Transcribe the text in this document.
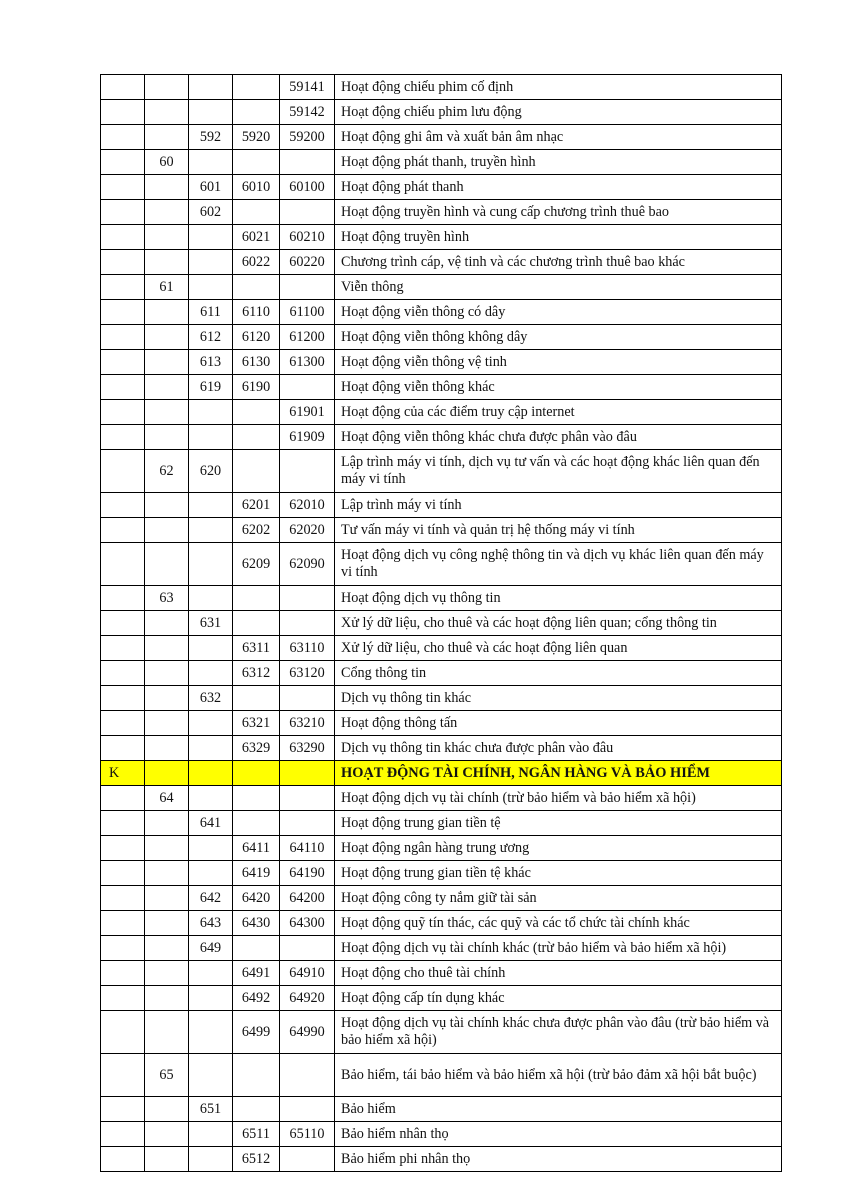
				59141	Hoạt động chiếu phim cố định
				59142	Hoạt động chiếu phim lưu động
		592	5920	59200	Hoạt động ghi âm và xuất bản âm nhạc
	60				Hoạt động phát thanh, truyền hình
		601	6010	60100	Hoạt động phát thanh
		602			Hoạt động truyền hình và cung cấp chương trình thuê bao
			6021	60210	Hoạt động truyền hình
			6022	60220	Chương trình cáp, vệ tinh và các chương trình thuê bao khác
	61				Viễn thông
		611	6110	61100	Hoạt động viễn thông có dây
		612	6120	61200	Hoạt động viễn thông không dây
		613	6130	61300	Hoạt động viễn thông vệ tinh
		619	6190		Hoạt động viễn thông khác
				61901	Hoạt động của các điểm truy cập internet
				61909	Hoạt động viễn thông khác chưa được phân vào đâu
	62	620			Lập trình máy vi tính, dịch vụ tư vấn và các hoạt động khác liên quan đến máy vi tính
			6201	62010	Lập trình máy vi tính
			6202	62020	Tư vấn máy vi tính và quản trị hệ thống máy vi tính
			6209	62090	Hoạt động dịch vụ công nghệ thông tin và dịch vụ khác liên quan đến máy vi tính
	63				Hoạt động dịch vụ thông tin
		631			Xử lý dữ liệu, cho thuê và các hoạt động liên quan; cổng thông tin
			6311	63110	Xử lý dữ liệu, cho thuê và các hoạt động liên quan
			6312	63120	Cổng thông tin
		632			Dịch vụ thông tin khác
			6321	63210	Hoạt động thông tấn
			6329	63290	Dịch vụ thông tin khác chưa được phân vào đâu
K					HOẠT ĐỘNG TÀI CHÍNH, NGÂN HÀNG VÀ BẢO HIỂM
	64				Hoạt động dịch vụ tài chính (trừ bảo hiểm và bảo hiểm xã hội)
		641			Hoạt động trung gian tiền tệ
			6411	64110	Hoạt động ngân hàng trung ương
			6419	64190	Hoạt động trung gian tiền tệ khác
		642	6420	64200	Hoạt động công ty nắm giữ tài sản
		643	6430	64300	Hoạt động quỹ tín thác, các quỹ và các tổ chức tài chính khác
		649			Hoạt động dịch vụ tài chính khác (trừ bảo hiểm và bảo hiểm xã hội)
			6491	64910	Hoạt động cho thuê tài chính
			6492	64920	Hoạt động cấp tín dụng khác
			6499	64990	Hoạt động dịch vụ tài chính khác chưa được phân vào đâu (trừ bảo hiểm và bảo hiểm xã hội)
	65				Bảo hiểm, tái bảo hiểm và bảo hiểm xã hội (trừ bảo đảm xã hội bắt buộc)
		651			Bảo hiểm
			6511	65110	Bảo hiểm nhân thọ
			6512		Bảo hiểm phi nhân thọ
